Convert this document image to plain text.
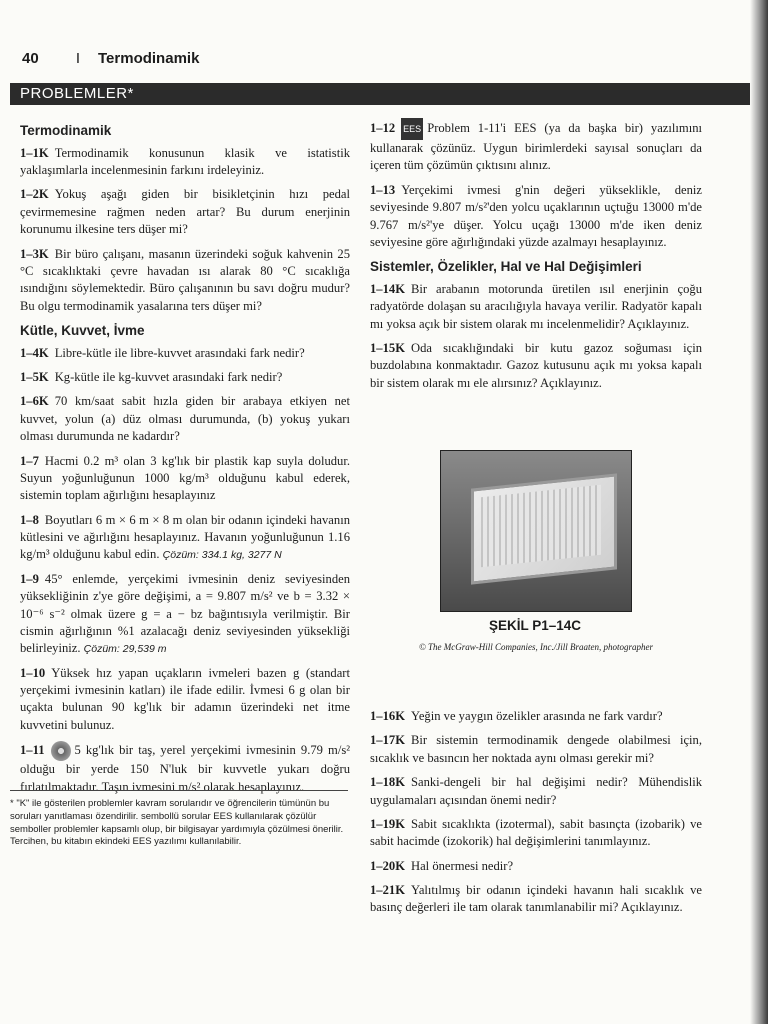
40 I Termodinamik
PROBLEMLER*
Termodinamik

1–1K Termodinamik konusunun klasik ve istatistik yaklaşımlarla incelenmesinin farkını irdeleyiniz.

1–2K Yokuş aşağı giden bir bisikletçinin hızı pedal çevirmemesine rağmen neden artar? Bu durum enerjinin korunumu ilkesine ters düşer mi?

1–3K Bir büro çalışanı, masanın üzerindeki soğuk kahvenin 25 °C sıcaklıktaki çevre havadan ısı alarak 80 °C sıcaklığa ısındığını söylemektedir. Büro çalışanının bu savı doğru mudur? Bu olgu termodinamik yasalarına ters düşer mi?

Kütle, Kuvvet, İvme

1–4K Libre-kütle ile libre-kuvvet arasındaki fark nedir?

1–5K Kg-kütle ile kg-kuvvet arasındaki fark nedir?

1–6K 70 km/saat sabit hızla giden bir arabaya etkiyen net kuvvet, yolun (a) düz olması durumunda, (b) yokuş yukarı olması durumunda ne kadardır?

1–7 Hacmi 0.2 m³ olan 3 kg'lık bir plastik kap suyla doludur. Suyun yoğunluğunun 1000 kg/m³ olduğunu kabul ederek, sistemin toplam ağırlığını hesaplayınız

1–8 Boyutları 6 m × 6 m × 8 m olan bir odanın içindeki havanın kütlesini ve ağırlığını hesaplayınız. Havanın yoğunluğunun 1.16 kg/m³ olduğunu kabul edin. Çözüm: 334.1 kg, 3277 N

1–9 45° enlemde, yerçekimi ivmesinin deniz seviyesinden yüksekliğinin z'ye göre değişimi, a = 9.807 m/s² ve b = 3.32 × 10⁻⁶ s⁻² olmak üzere g = a − bz bağıntısıyla verilmiştir. Bir cismin ağırlığının %1 azalacağı deniz seviyesinden yüksekliği belirleyiniz. Çözüm: 29,539 m

1–10 Yüksek hız yapan uçakların ivmeleri bazen g (standart yerçekimi ivmesinin katları) ile ifade edilir. İvmesi 6 g olan bir uçakta bulunan 90 kg'lık bir adamın üzerindeki net itme kuvvetini bulunuz.

1–11 5 kg'lık bir taş, yerel yerçekimi ivmesinin 9.79 m/s² olduğu bir yerde 150 N'luk bir kuvvetle yukarı doğru fırlatılmaktadır. Taşın ivmesini m/s² olarak hesaplayınız.

* "K" ile gösterilen problemler kavram sorularıdır ve öğrencilerin tümünün bu soruları yanıtlaması özendirilir. sembollü sorular EES kullanılarak çözülür semboller problemler kapsamlı olup, bir bilgisayar yardımıyla çözülmesi önerilir. Tercihen, bu kitabın ekindeki EES yazılımı kullanılabilir.

1–12 EES Problem 1-11'i EES (ya da başka bir) yazılımını kullanarak çözünüz. Uygun birimlerdeki sayısal sonuçları da içeren tüm çözümün çıktısını alınız.

1–13 Yerçekimi ivmesi g'nin değeri yükseklikle, deniz seviyesinde 9.807 m/s²'den yolcu uçaklarının uçtuğu 13000 m'de 9.767 m/s²'ye düşer. Yolcu uçağı 13000 m'de iken deniz seviyesine göre ağırlığındaki yüzde azalmayı hesaplayınız.

Sistemler, Özelikler, Hal ve Hal Değişimleri

1–14K Bir arabanın motorunda üretilen ısıl enerjinin çoğu radyatörde dolaşan su aracılığıyla havaya verilir. Radyatör kapalı mı yoksa açık bir sistem olarak mı incelenmelidir? Açıklayınız.

1–15K Oda sıcaklığındaki bir kutu gazoz soğuması için buzdolabına konmaktadır. Gazoz kutusunu açık mı yoksa kapalı bir sistem olarak mı ele alırsınız? Açıklayınız.

ŞEKİL P1–14C
© The McGraw-Hill Companies, Inc./Jill Braaten, photographer

1–16K Yeğin ve yaygın özelikler arasında ne fark vardır?

1–17K Bir sistemin termodinamik dengede olabilmesi için, sıcaklık ve basıncın her noktada aynı olması gerekir mi?

1–18K Sanki-dengeli bir hal değişimi nedir? Mühendislik uygulamaları açısından önemi nedir?

1–19K Sabit sıcaklıkta (izotermal), sabit basınçta (izobarik) ve sabit hacimde (izokorik) hal değişimlerini tanımlayınız.

1–20K Hal önermesi nedir?

1–21K Yalıtılmış bir odanın içindeki havanın hali sıcaklık ve basınç değerleri ile tam olarak tanımlanabilir mi? Açıklayınız.
